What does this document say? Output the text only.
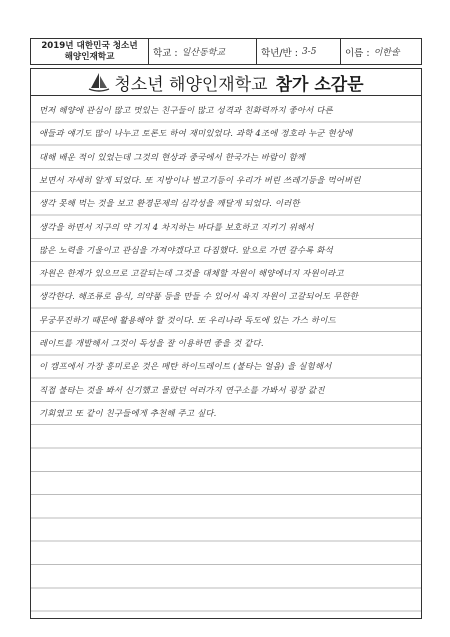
2019년 대한민국 청소년
해양인재학교	학교 : 일산동학교	학년/반 : 3-5	이름 : 이한솔
청소년 해양인재학교 참가 소감문
먼저 해양에 관심이 많고 멋있는 친구들이 많고 성격과 친화력까지 좋아서 다른
애들과 얘기도 많이 나누고 토론도 하여 재미있었다. 과학 4조에 정호라 누군 현상에
대해 배운 적이 있었는데 그것의 현상과 중국에서 한국가는 바람이 함께
보면서 자세히 알게 되었다. 또 지방이나 벌고기등이 우리가 버린 쓰레기등을 먹어버린
생각 못해 먹는 것을 보고 환경문제의 심각성을 깨달게 되었다. 이러한
생각을 하면서 지구의 약 기지 4 차지하는 바다를 보호하고 지키기 위해서
많은 노력을 기울이고 관심을 가져야겠다고 다짐했다. 앞으로 가면 갈수록 화석
자원은 한계가 있으므로 고갈되는데 그것을 대체할 자원이 해양에너지 자원이라고
생각한다. 해조류로 음식, 의약품 등을 만들 수 있어서 육지 자원이 고갈되어도 무한한
무궁무진하기 때문에 활용해야 할 것이다. 또 우리나라 독도에 있는 가스 하이드
레이트를 개발해서 그것이 독성을 잘 이용하면 좋을 것 같다.
이 캠프에서 가장 흥미로운 것은 메탄 하이드레이트 (불타는 얼음) 을 실험해서
직접 불타는 것을 봐서 신기했고 몰랐던 여러가지 연구소를 가봐서 굉장 값진
기회였고 또 같이 친구들에게 추천해 주고 싶다.
